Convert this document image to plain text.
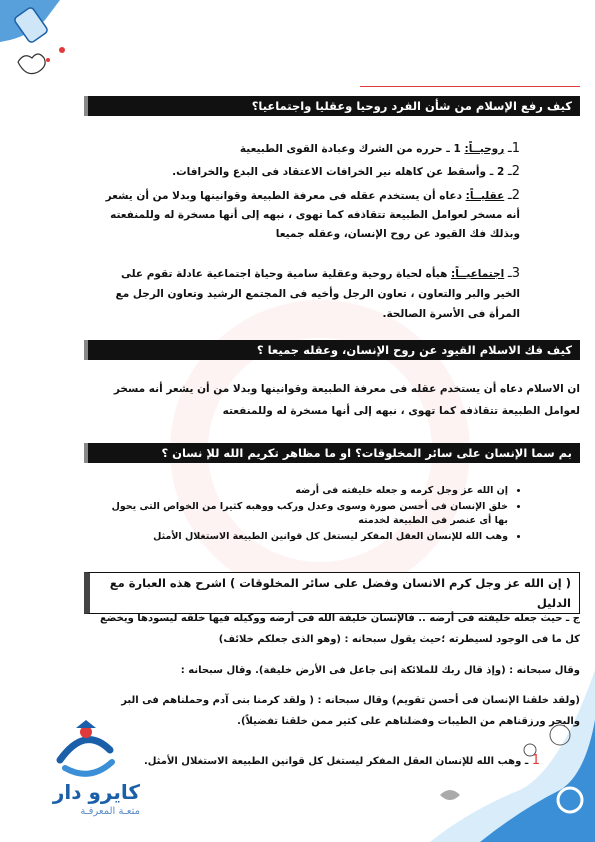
كيف رفع الإسلام من شأن الفرد روحيا وعقليا واجتماعيا؟
1ـ روحيــاً: 1 ـ حرره من الشرك وعبادة القوى الطبيعية
2ـ 2 ـ وأسقط عن كاهله نير الخرافات الاعتقاد فى البدع والخرافات.
2ـ عقليــاً: دعاه أن يستخدم عقله فى معرفة الطبيعة وقوانينها وبدلا من أن يشعر أنه مسخر لعوامل الطبيعة تتقاذفه كما تهوى ، نبهه إلى أنها مسخرة له وللمنفعته وبذلك فك القيود عن روح الإنسان، وعقله جميعا
3ـ اجتماعيــاً: هيأه لحياة روحية وعقلية سامية وحياة اجتماعية عادلة تقوم على الخير والبر والتعاون ، تعاون الرجل وأخيه فى المجتمع الرشيد وتعاون الرجل مع المرأة فى الأسرة الصالحة.
كيف فك الاسلام القيود عن روح الإنسان، وعقله جميعا ؟
ان الاسلام دعاه أن يستخدم عقله فى معرفة الطبيعة وقوانينها وبدلا من أن يشعر أنه مسخر لعوامل الطبيعة تتقاذفه كما تهوى ، نبهه إلى أنها مسخرة له وللمنفعته
بم سما الإنسان على سائر المخلوقات؟ او ما مظاهر تكريم الله للإ نسان ؟
• إن الله عز وجل كرمه و جعله خليفته فى أرضه
• خلق الإنسان فى أحسن صورة وسوى وعدل وركب ووهبه كثيرا من الخواص التى يحول بها أى عنصر فى الطبيعة لخدمته
• وهب الله للإنسان العقل المفكر ليستغل كل قوانين الطبيعة الاستغلال الأمثل
( إن الله عز وجل كرم الانسان وفضل على سائر المخلوقات ) اشرح هذه العبارة مع الدليل
ج ـ حيث جعله خليفته فى أرضه .. فالإنسان خليفة الله فى أرضه ووكيله فيها خلقه ليسودها ويخضع كل ما فى الوجود لسيطرته ؛حيث يقول سبحانه : (وهو الذى جعلكم خلائف)
وقال سبحانه : (وإذ قال ربك للملائكة إنى جاعل فى الأرض خليفة). وقال سبحانه :
(ولقد خلقنا الإنسان فى أحسن تقويم) وقال سبحانه : ( ولقد كرمنا بنى آدم وحملناهم فى البر والبحر ورزقناهم من الطيبات وفضلناهم على كثير ممن خلقنا تفضيلاً).
1 ـ وهب الله للإنسان العقل المفكر ليستغل كل قوانين الطبيعة الاستغلال الأمثل.
كايرو دار
متعـة المعرفـة
